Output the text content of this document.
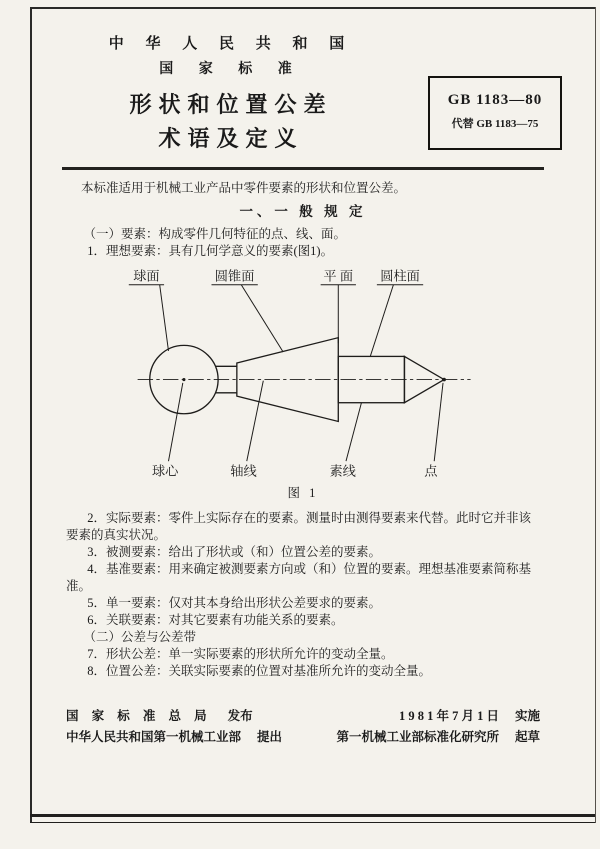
GB 1183—80
代替 GB 1183—75
中 华 人 民 共 和 国
国 家 标 准
形状和位置公差
术语及定义

本标准适用于机械工业产品中零件要素的形状和位置公差。

一、一 般 规 定

（一）要素：构成零件几何特征的点、线、面。

1．理想要素：具有几何学意义的要素(图1)。

球面	圆锥面	平 面 圆柱面
球心	轴线	素线	点
图 1

2．实际要素：零件上实际存在的要素。测量时由测得要素来代替。此时它并非该要素的真实状况。

3．被测要素：给出了形状或（和）位置公差的要素。

4．基准要素：用来确定被测要素方向或（和）位置的要素。理想基准要素简称基准。

5．单一要素：仅对其本身给出形状公差要求的要素。

6．关联要素：对其它要素有功能关系的要素。

（二）公差与公差带

7．形状公差：单一实际要素的形状所允许的变动全量。

8．位置公差：关联实际要素的位置对基准所允许的变动全量。

国 家 标 准 总 局 发布	1 9 8 1 年 7 月 1 日 实施
中华人民共和国第一机械工业部 提出	第一机械工业部标准化研究所 起草
